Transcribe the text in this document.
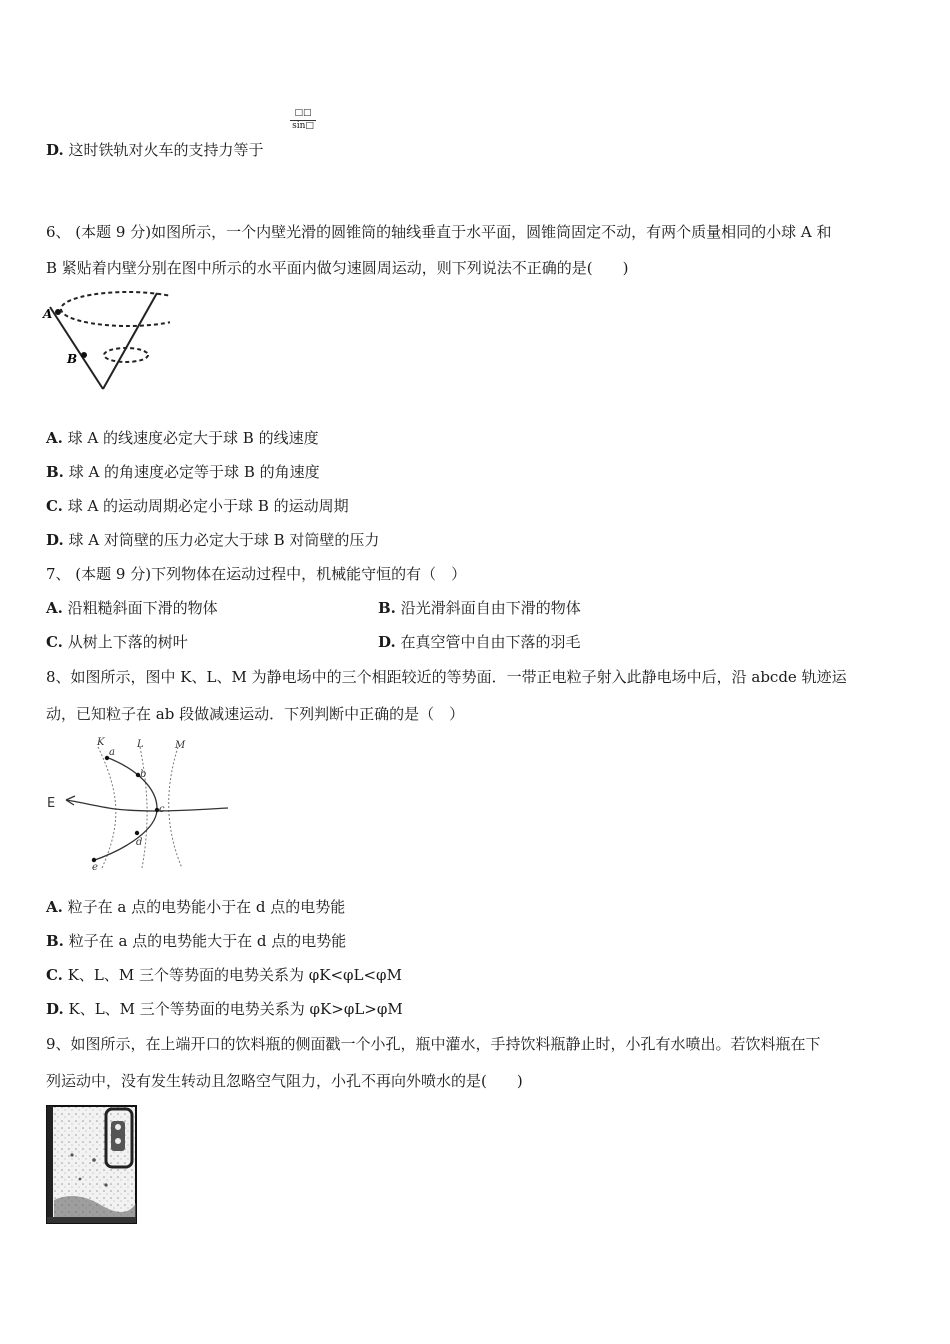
D. 这时铁轨对火车的支持力等于
□□
sin□
6、 (本题 9 分)如图所示，一个内壁光滑的圆锥筒的轴线垂直于水平面，圆锥筒固定不动，有两个质量相同的小球 A 和
B 紧贴着内壁分别在图中所示的水平面内做匀速圆周运动，则下列说法不正确的是(　　)
A
B
A. 球 A 的线速度必定大于球 B 的线速度
B. 球 A 的角速度必定等于球 B 的角速度
C. 球 A 的运动周期必定小于球 B 的运动周期
D. 球 A 对筒壁的压力必定大于球 B 对筒壁的压力
7、 (本题 9 分)下列物体在运动过程中，机械能守恒的有（　）
A. 沿粗糙斜面下滑的物体	B. 沿光滑斜面自由下滑的物体
C. 从树上下落的树叶	D. 在真空管中自由下落的羽毛
8、如图所示，图中 K、L、M 为静电场中的三个相距较近的等势面．一带正电粒子射入此静电场中后，沿 abcde 轨迹运
动，已知粒子在 ab 段做减速运动．下列判断中正确的是（　）
K	L	M
a
b
c
d
e
E
A. 粒子在 a 点的电势能小于在 d 点的电势能
B. 粒子在 a 点的电势能大于在 d 点的电势能
C. K、L、M 三个等势面的电势关系为 φK<φL<φM
D. K、L、M 三个等势面的电势关系为 φK>φL>φM
9、如图所示，在上端开口的饮料瓶的侧面戳一个小孔，瓶中灌水，手持饮料瓶静止时，小孔有水喷出。若饮料瓶在下
列运动中，没有发生转动且忽略空气阻力，小孔不再向外喷水的是(　　)
